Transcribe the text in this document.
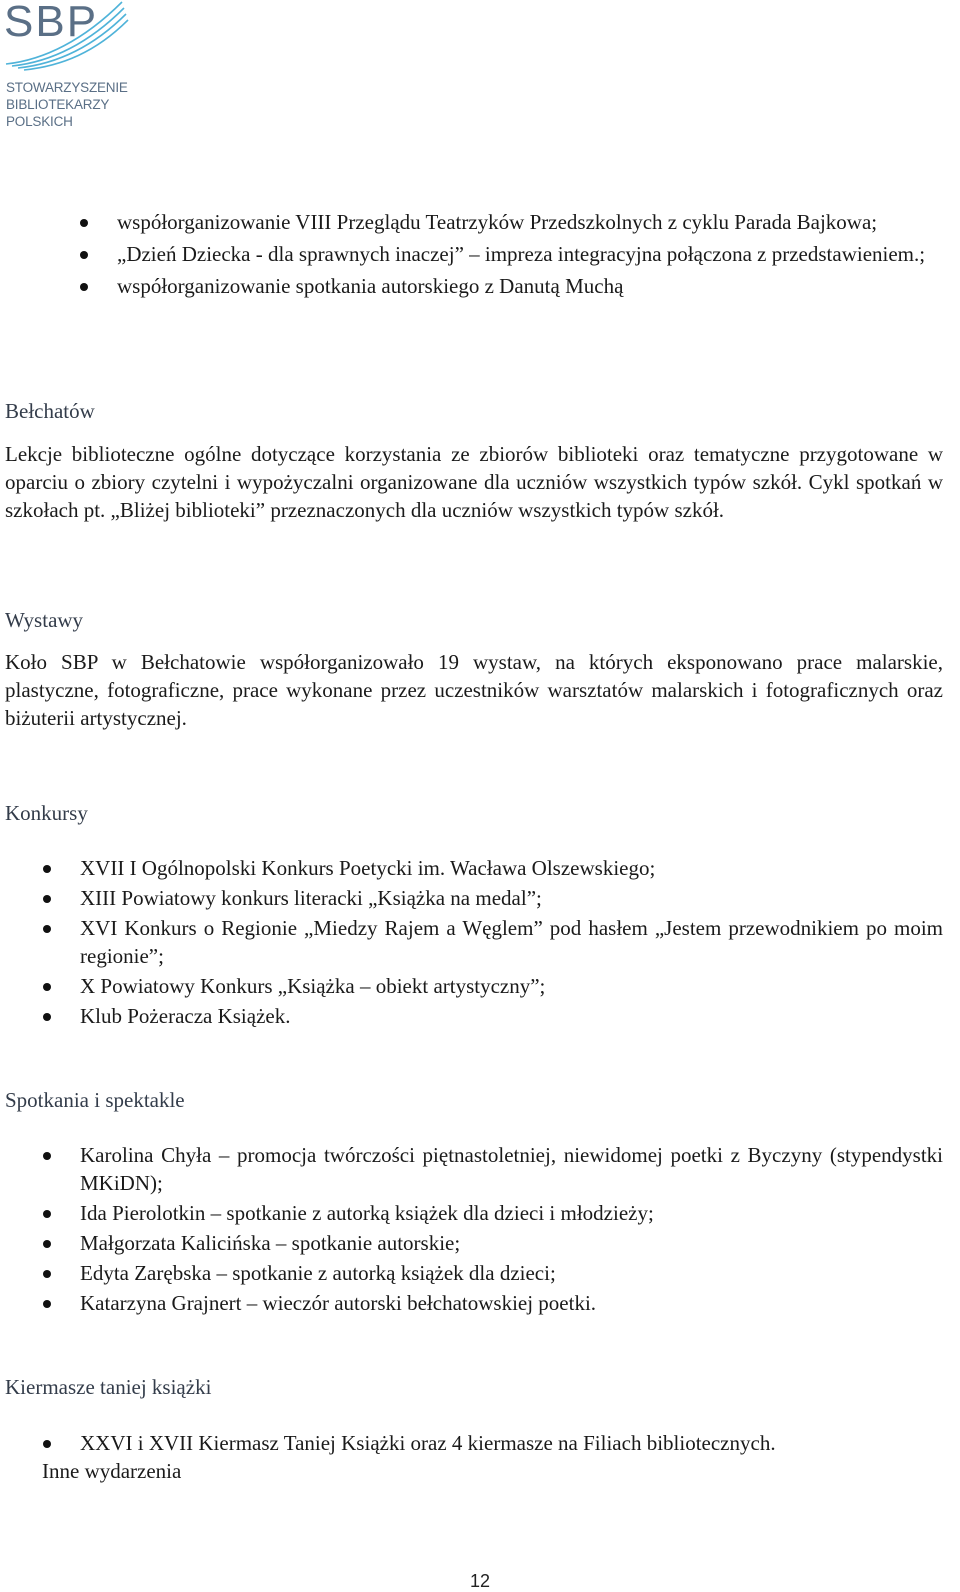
SBP
STOWARZYSZENIE
BIBLIOTEKARZY
POLSKICH
współorganizowanie VIII Przeglądu Teatrzyków Przedszkolnych z cyklu Parada Bajkowa;
„Dzień Dziecka - dla sprawnych inaczej” – impreza integracyjna połączona z przedstawieniem.;
współorganizowanie spotkania autorskiego z Danutą Muchą
Bełchatów
Lekcje biblioteczne ogólne dotyczące korzystania ze zbiorów biblioteki oraz tematyczne przygotowane w oparciu o zbiory czytelni i wypożyczalni organizowane dla uczniów wszystkich typów szkół. Cykl spotkań w szkołach pt. „Bliżej biblioteki” przeznaczonych dla uczniów wszystkich typów szkół.
Wystawy
Koło SBP w Bełchatowie współorganizowało 19 wystaw, na których eksponowano prace malarskie, plastyczne, fotograficzne, prace wykonane przez uczestników warsztatów malarskich i fotograficznych oraz biżuterii artystycznej.
Konkursy
XVII I Ogólnopolski Konkurs Poetycki im. Wacława Olszewskiego;
XIII Powiatowy konkurs literacki „Książka na medal”;
XVI Konkurs o Regionie „Miedzy Rajem a Węglem” pod hasłem „Jestem przewodnikiem po moim regionie”;
X Powiatowy Konkurs „Książka – obiekt artystyczny”;
Klub Pożeracza Książek.
Spotkania i spektakle
Karolina Chyła – promocja twórczości piętnastoletniej, niewidomej poetki z Byczyny (stypendystki MKiDN);
Ida Pierolotkin – spotkanie z autorką książek dla dzieci i młodzieży;
Małgorzata Kalicińska – spotkanie autorskie;
Edyta Zarębska – spotkanie z autorką książek dla dzieci;
Katarzyna Grajnert – wieczór autorski bełchatowskiej poetki.
Kiermasze taniej książki
XXVI i XVII Kiermasz Taniej Książki oraz 4 kiermasze na Filiach bibliotecznych.
Inne wydarzenia
12
